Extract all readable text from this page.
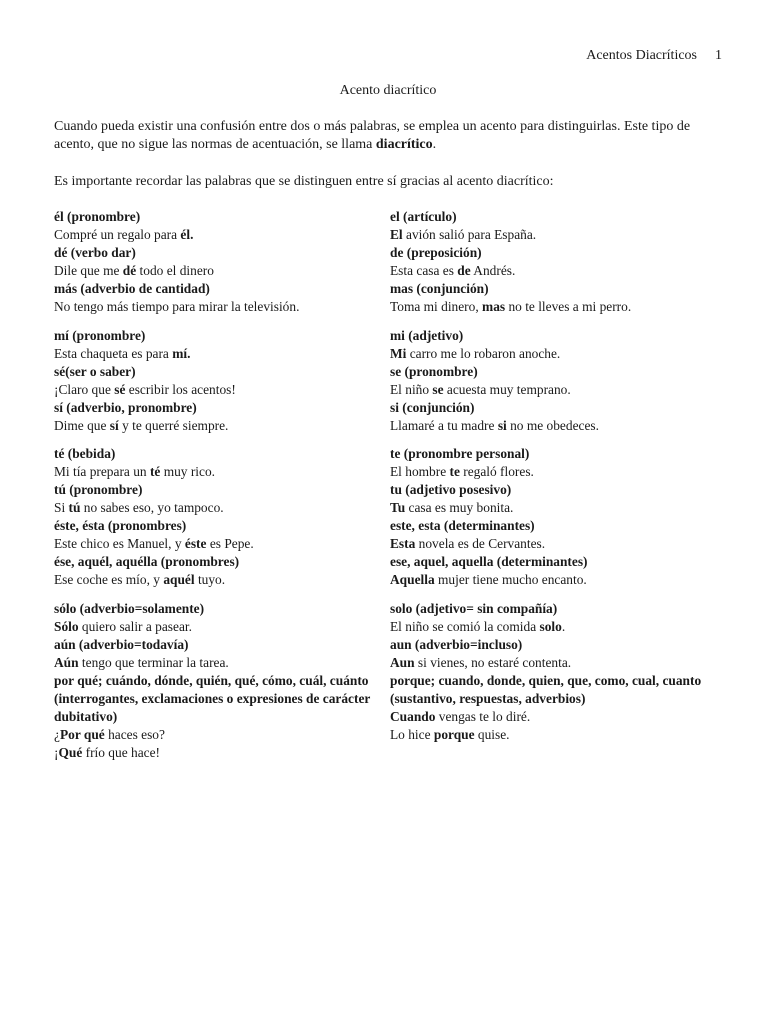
Acentos Diacríticos 1
Acento diacrítico
Cuando pueda existir una confusión entre dos o más palabras, se emplea un acento para distinguirlas. Este tipo de acento, que no sigue las normas de acentuación, se llama diacrítico.
Es importante recordar las palabras que se distinguen entre sí gracias al acento diacrítico:
él (pronombre)
Compré un regalo para él.
dé (verbo dar)
Dile que me dé todo el dinero
más (adverbio de cantidad)
No tengo más tiempo para mirar la televisión.
el (artículo)
El avión salió para España.
de (preposición)
Esta casa es de Andrés.
mas (conjunción)
Toma mi dinero, mas no te lleves a mi perro.
mí (pronombre)
Esta chaqueta es para mí.
sé(ser o saber)
¡Claro que sé escribir los acentos!
sí (adverbio, pronombre)
Dime que sí y te querré siempre.
mi (adjetivo)
Mi carro me lo robaron anoche.
se (pronombre)
El niño se acuesta muy temprano.
si (conjunción)
Llamaré a tu madre si no me obedeces.
té (bebida)
Mi tía prepara un té muy rico.
tú (pronombre)
Si tú no sabes eso, yo tampoco.
éste, ésta (pronombres)
Este chico es Manuel, y éste es Pepe.
ése, aquél, aquélla (pronombres)
Ese coche es mío, y aquél tuyo.
te (pronombre personal)
El hombre te regaló flores.
tu (adjetivo posesivo)
Tu casa es muy bonita.
este, esta (determinantes)
Esta novela es de Cervantes.
ese, aquel, aquella (determinantes)
Aquella mujer tiene mucho encanto.
sólo (adverbio=solamente)
Sólo quiero salir a pasear.
aún (adverbio=todavía)
Aún tengo que terminar la tarea.
por qué; cuándo, dónde, quién, qué, cómo, cuál, cuánto (interrogantes, exclamaciones o expresiones de carácter dubitativo)
¿Por qué haces eso?
¡Qué frío que hace!
solo (adjetivo= sin compañía)
El niño se comió la comida solo.
aun (adverbio=incluso)
Aun si vienes, no estaré contenta.
porque; cuando, donde, quien, que, como, cual, cuanto (sustantivo, respuestas, adverbios)
Cuando vengas te lo diré.
Lo hice porque quise.
